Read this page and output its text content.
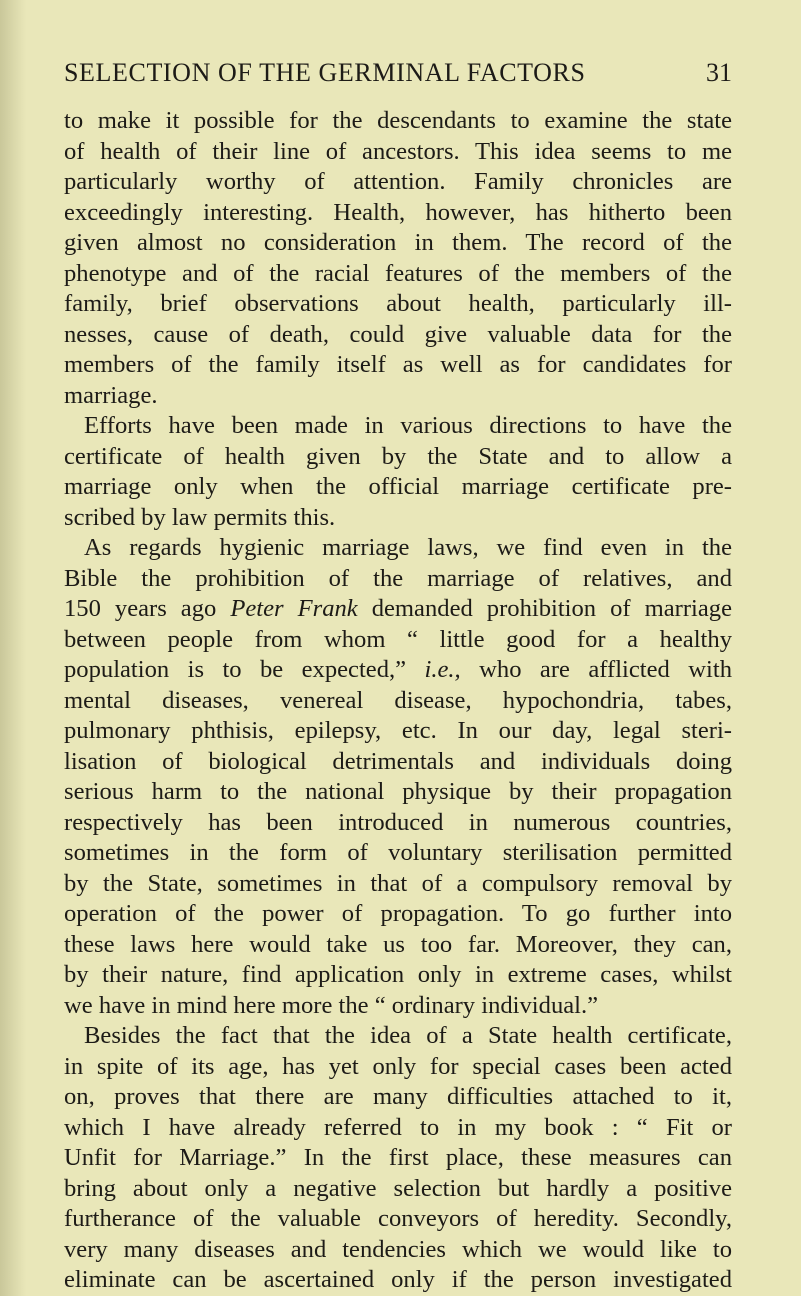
SELECTION OF THE GERMINAL FACTORS	31
to make it possible for the descendants to examine the state
of health of their line of ancestors. This idea seems to me
particularly worthy of attention. Family chronicles are
exceedingly interesting. Health, however, has hitherto been
given almost no consideration in them. The record of the
phenotype and of the racial features of the members of the
family, brief observations about health, particularly ill-
nesses, cause of death, could give valuable data for the
members of the family itself as well as for candidates for
marriage.
Efforts have been made in various directions to have the
certificate of health given by the State and to allow a
marriage only when the official marriage certificate pre-
scribed by law permits this.
As regards hygienic marriage laws, we find even in the
Bible the prohibition of the marriage of relatives, and
150 years ago Peter Frank demanded prohibition of marriage
between people from whom “ little good for a healthy
population is to be expected,” i.e., who are afflicted with
mental diseases, venereal disease, hypochondria, tabes,
pulmonary phthisis, epilepsy, etc. In our day, legal steri-
lisation of biological detrimentals and individuals doing
serious harm to the national physique by their propagation
respectively has been introduced in numerous countries,
sometimes in the form of voluntary sterilisation permitted
by the State, sometimes in that of a compulsory removal by
operation of the power of propagation. To go further into
these laws here would take us too far. Moreover, they can,
by their nature, find application only in extreme cases, whilst
we have in mind here more the “ ordinary individual.”
Besides the fact that the idea of a State health certificate,
in spite of its age, has yet only for special cases been acted
on, proves that there are many difficulties attached to it,
which I have already referred to in my book : “ Fit or
Unfit for Marriage.” In the first place, these measures can
bring about only a negative selection but hardly a positive
furtherance of the valuable conveyors of heredity. Secondly,
very many diseases and tendencies which we would like to
eliminate can be ascertained only if the person investigated
